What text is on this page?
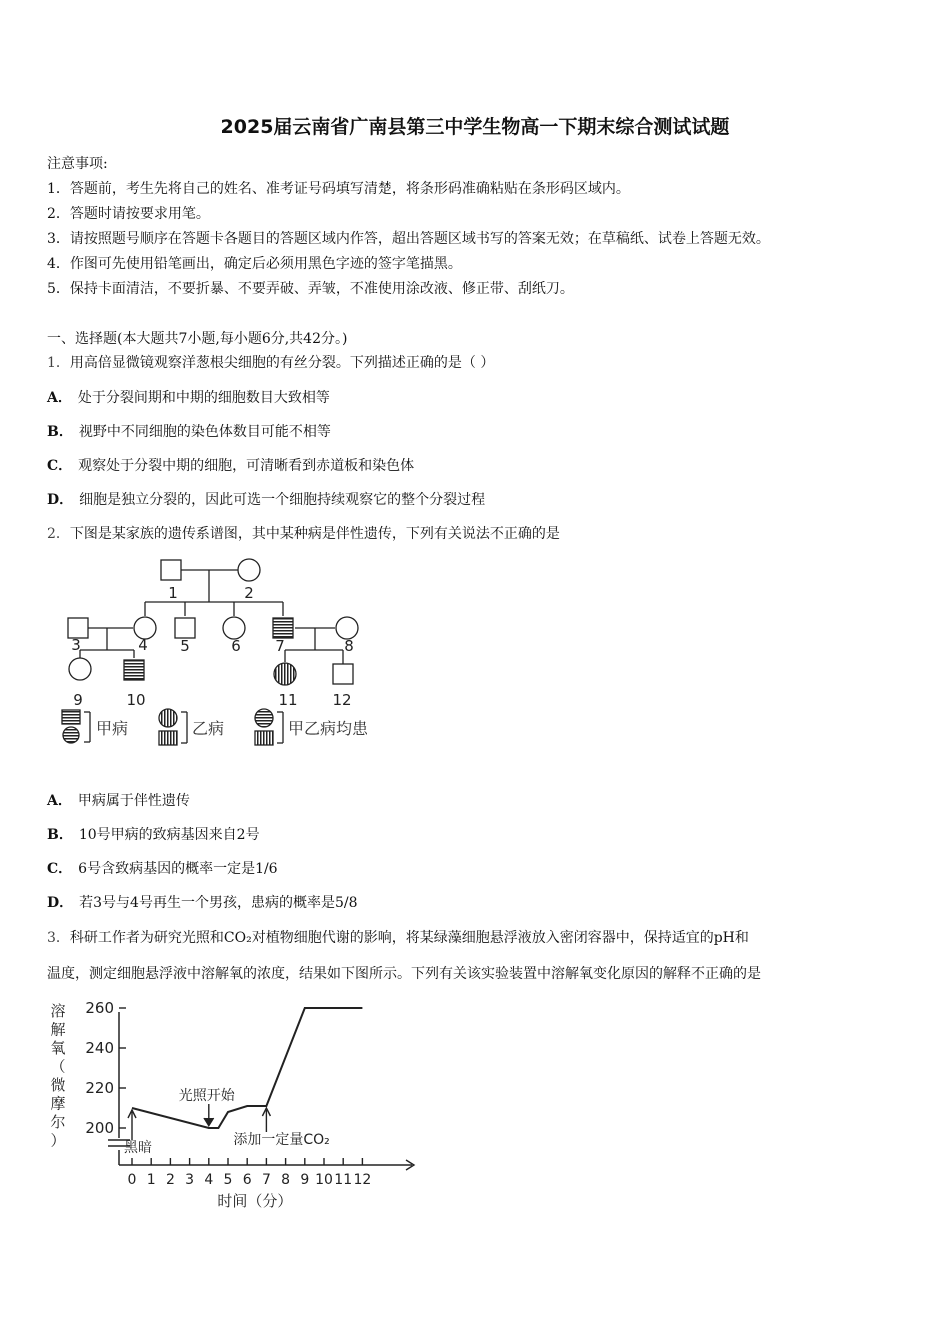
2025届云南省广南县第三中学生物高一下期末综合测试试题
注意事项:
1．答题前，考生先将自己的姓名、准考证号码填写清楚，将条形码准确粘贴在条形码区域内。
2．答题时请按要求用笔。
3．请按照题号顺序在答题卡各题目的答题区域内作答，超出答题区域书写的答案无效；在草稿纸、试卷上答题无效。
4．作图可先使用铅笔画出，确定后必须用黑色字迹的签字笔描黑。
5．保持卡面清洁，不要折暴、不要弄破、弄皱，不准使用涂改液、修正带、刮纸刀。
一、选择题(本大题共7小题,每小题6分,共42分。)
1．用高倍显微镜观察洋葱根尖细胞的有丝分裂。下列描述正确的是（ ）
A． 处于分裂间期和中期的细胞数目大致相等
B． 视野中不同细胞的染色体数目可能不相等
C． 观察处于分裂中期的细胞，可清晰看到赤道板和染色体
D． 细胞是独立分裂的，因此可选一个细胞持续观察它的整个分裂过程
2．下图是某家族的遗传系谱图，其中某种病是伴性遗传，下列有关说法不正确的是
1	2
3	4 5	6 7	8
9	10	11 12
甲病	乙病	甲乙病均患
A． 甲病属于伴性遗传
B． 10号甲病的致病基因来自2号
C． 6号含致病基因的概率一定是1/6
D． 若3号与4号再生一个男孩，患病的概率是5/8
3．科研工作者为研究光照和CO₂对植物细胞代谢的影响，将某绿藻细胞悬浮液放入密闭容器中，保持适宜的pH和
温度，测定细胞悬浮液中溶解氧的浓度，结果如下图所示。下列有关该实验装置中溶解氧变化原因的解释不正确的是
200
220
240
260
0 1 2 3 4 5 6 7 8 9 10 11 12
溶
解
氧
（
微
摩
尔
）
时间（分）
黑暗
光照开始
添加一定量CO₂
